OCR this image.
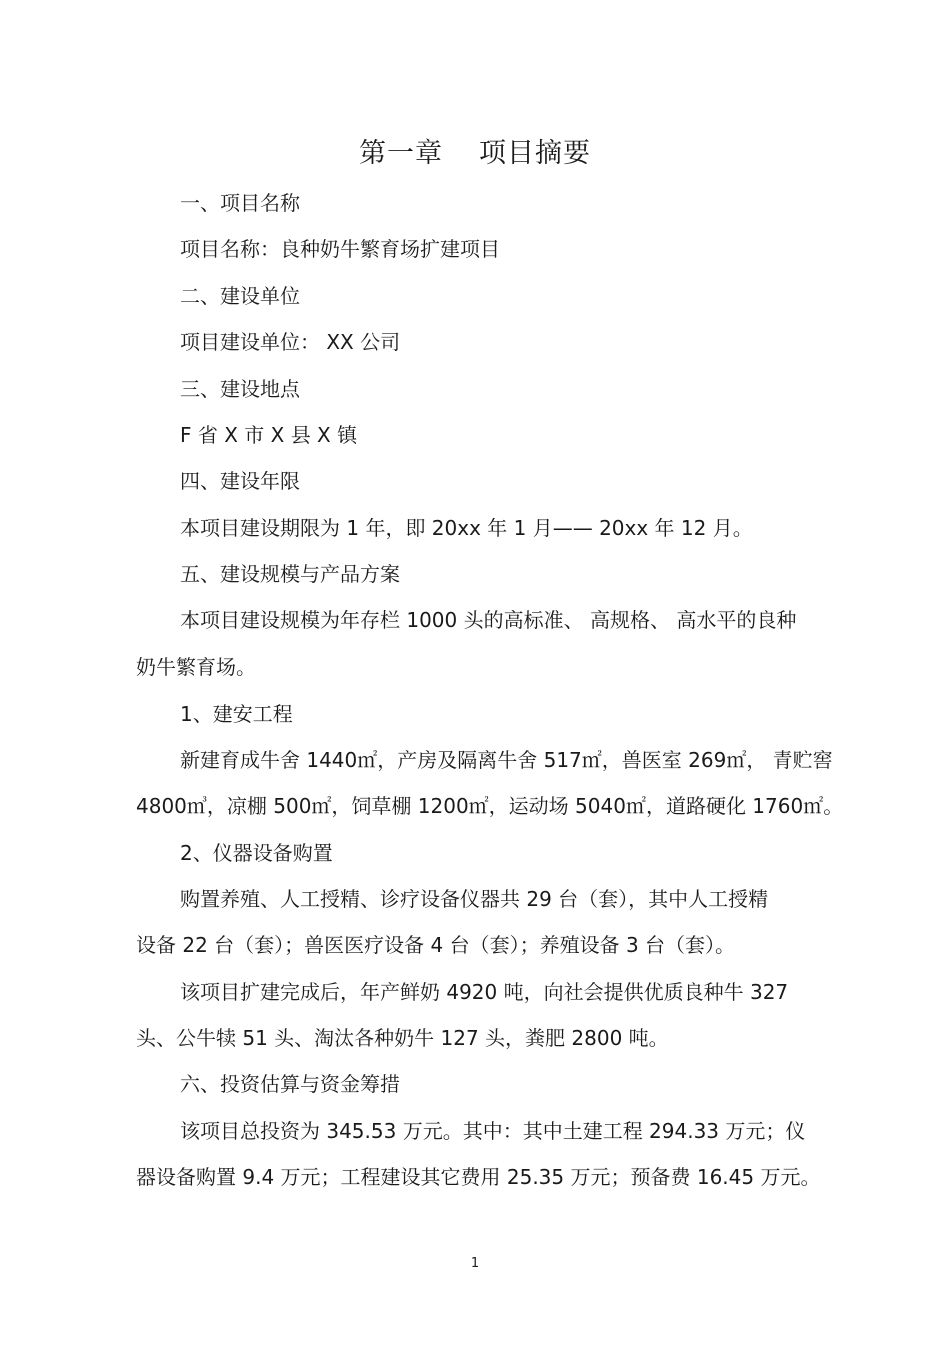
第一章 项目摘要
一、项目名称
项目名称：良种奶牛繁育场扩建项目
二、建设单位
项目建设单位： XX 公司
三、建设地点
F 省 X 市 X 县 X 镇
四、建设年限
本项目建设期限为 1 年，即 20xx 年 1 月—— 20xx 年 12 月。
五、建设规模与产品方案
本项目建设规模为年存栏 1000 头的高标准、 高规格、 高水平的良种
奶牛繁育场。
1、建安工程
新建育成牛舍 1440㎡，产房及隔离牛舍 517㎡，兽医室 269㎡， 青贮窖
4800㎥，凉棚 500㎡，饲草棚 1200㎡，运动场 5040㎡，道路硬化 1760㎡。
2、仪器设备购置
购置养殖、人工授精、诊疗设备仪器共 29 台（套），其中人工授精
设备 22 台（套）；兽医医疗设备 4 台（套）；养殖设备 3 台（套）。
该项目扩建完成后，年产鲜奶 4920 吨，向社会提供优质良种牛 327
头、公牛犊 51 头、淘汰各种奶牛 127 头，粪肥 2800 吨。
六、投资估算与资金筹措
该项目总投资为 345.53 万元。其中：其中土建工程 294.33 万元；仪
器设备购置 9.4 万元；工程建设其它费用 25.35 万元；预备费 16.45 万元。
1
